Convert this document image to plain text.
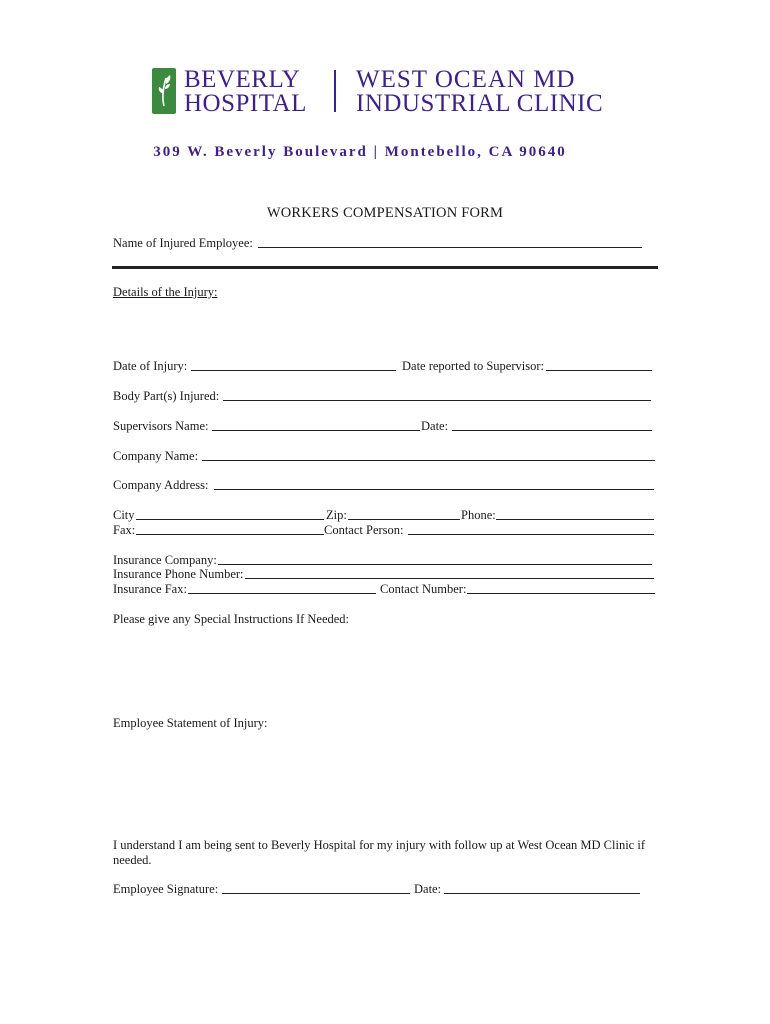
BEVERLY
HOSPITAL
WEST OCEAN MD
INDUSTRIAL CLINIC
309 W. Beverly Boulevard | Montebello, CA 90640
WORKERS COMPENSATION FORM
Name of Injured Employee:
Details of the Injury:
Date of Injury:	Date reported to Supervisor:
Body Part(s) Injured:
Supervisors Name:	Date:
Company Name:
Company Address:
City	Zip:	Phone:
Fax:	Contact Person:
Insurance Company:
Insurance Phone Number:
Insurance Fax:	Contact Number:
Please give any Special Instructions If Needed:
Employee Statement of Injury:
I understand I am being sent to Beverly Hospital for my injury with follow up at West Ocean MD Clinic if
needed.
Employee Signature:	Date:
